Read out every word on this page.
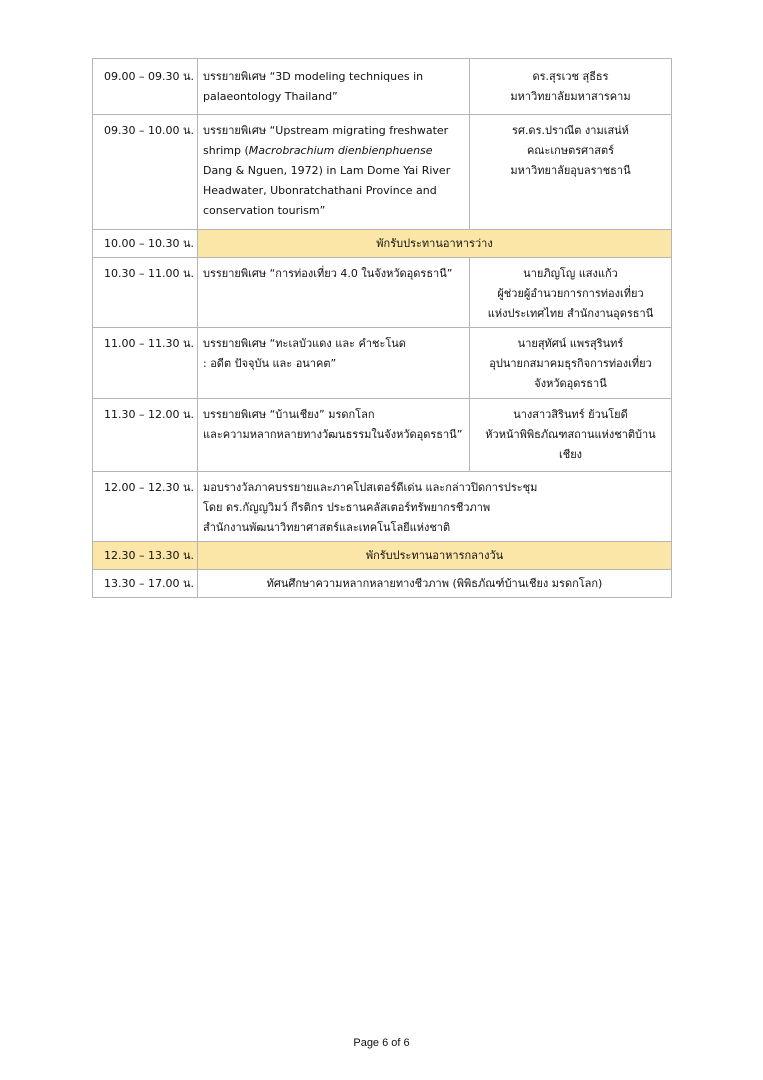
09.00 – 09.30 น.	บรรยายพิเศษ “3D modeling techniques in
palaeontology Thailand”	ดร.สุรเวช สุธีธร
มหาวิทยาลัยมหาสารคาม

09.30 – 10.00 น.	บรรยายพิเศษ “Upstream migrating freshwater
shrimp (Macrobrachium dienbienphuense
Dang & Nguen, 1972) in Lam Dome Yai River
Headwater, Ubonratchathani Province and
conservation tourism”	รศ.ดร.ปราณีต งามเสน่ห์
คณะเกษตรศาสตร์
มหาวิทยาลัยอุบลราชธานี

10.00 – 10.30 น.	พักรับประทานอาหารว่าง	
10.30 – 11.00 น.	บรรยายพิเศษ “การท่องเที่ยว 4.0 ในจังหวัดอุดรธานี”	นายภิญโญ แสงแก้ว
ผู้ช่วยผู้อำนวยการการท่องเที่ยว
แห่งประเทศไทย สำนักงานอุดรธานี

11.00 – 11.30 น.	บรรยายพิเศษ “ทะเลบัวแดง และ คำชะโนด
: อดีต ปัจจุบัน และ อนาคต”	นายสุทัศน์ แพรสุรินทร์
อุปนายกสมาคมธุรกิจการท่องเที่ยว
จังหวัดอุดรธานี

11.30 – 12.00 น.	บรรยายพิเศษ “บ้านเชียง” มรดกโลก
และความหลากหลายทางวัฒนธรรมในจังหวัดอุดรธานี”	นางสาวสิรินทร์ ย้วนโยดี
หัวหน้าพิพิธภัณฑสถานแห่งชาติบ้าน
เชียง

12.00 – 12.30 น.	มอบรางวัลภาคบรรยายและภาคโปสเตอร์ดีเด่น และกล่าวปิดการประชุม
โดย ดร.กัญญวิมว์ กีรติกร ประธานคลัสเตอร์ทรัพยากรชีวภาพ
สำนักงานพัฒนาวิทยาศาสตร์และเทคโนโลยีแห่งชาติ	

12.30 – 13.30 น.	พักรับประทานอาหารกลางวัน	
13.30 – 17.00 น.	ทัศนศึกษาความหลากหลายทางชีวภาพ (พิพิธภัณฑ์บ้านเชียง มรดกโลก)	
Page 6 of 6
